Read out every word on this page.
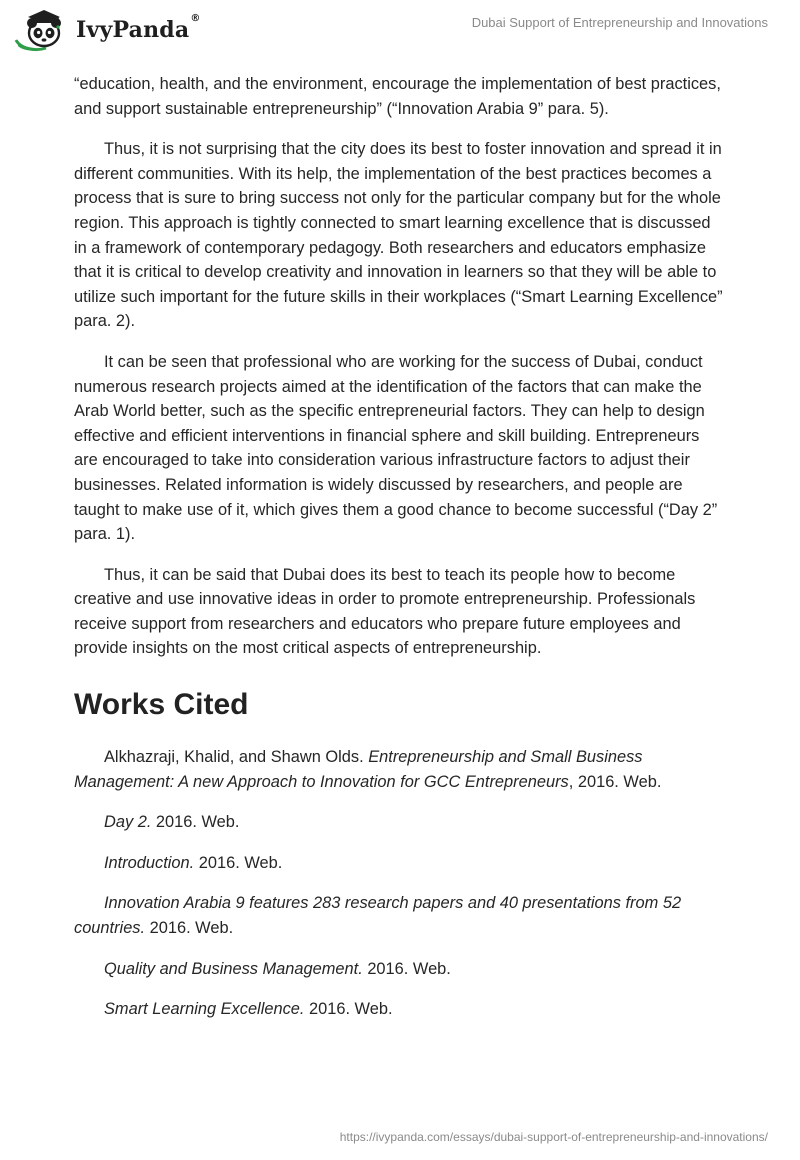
IvyPanda®	Dubai Support of Entrepreneurship and Innovations

“education, health, and the environment, encourage the implementation of best practices, and support sustainable entrepreneurship” (“Innovation Arabia 9” para. 5).

Thus, it is not surprising that the city does its best to foster innovation and spread it in different communities. With its help, the implementation of the best practices becomes a process that is sure to bring success not only for the particular company but for the whole region. This approach is tightly connected to smart learning excellence that is discussed in a framework of contemporary pedagogy. Both researchers and educators emphasize that it is critical to develop creativity and innovation in learners so that they will be able to utilize such important for the future skills in their workplaces (“Smart Learning Excellence” para. 2).

It can be seen that professional who are working for the success of Dubai, conduct numerous research projects aimed at the identification of the factors that can make the Arab World better, such as the specific entrepreneurial factors. They can help to design effective and efficient interventions in financial sphere and skill building. Entrepreneurs are encouraged to take into consideration various infrastructure factors to adjust their businesses. Related information is widely discussed by researchers, and people are taught to make use of it, which gives them a good chance to become successful (“Day 2” para. 1).

Thus, it can be said that Dubai does its best to teach its people how to become creative and use innovative ideas in order to promote entrepreneurship. Professionals receive support from researchers and educators who prepare future employees and provide insights on the most critical aspects of entrepreneurship.

Works Cited

Alkhazraji, Khalid, and Shawn Olds. Entrepreneurship and Small Business Management: A new Approach to Innovation for GCC Entrepreneurs, 2016. Web.

Day 2. 2016. Web.

Introduction. 2016. Web.

Innovation Arabia 9 features 283 research papers and 40 presentations from 52 countries. 2016. Web.

Quality and Business Management. 2016. Web.

Smart Learning Excellence. 2016. Web.

https://ivypanda.com/essays/dubai-support-of-entrepreneurship-and-innovations/
